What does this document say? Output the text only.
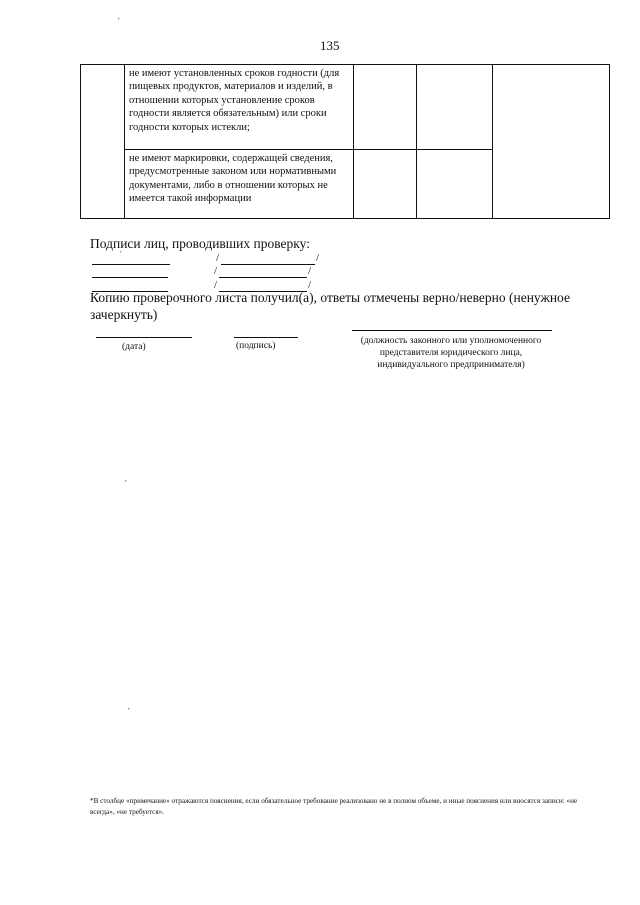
ˈ
ˈ
ˈ
135
	не имеют установленных сроков годности (для пищевых продуктов, материалов и изделий, в отношении которых установление сроков годности является обязательным) или сроки годности которых истекли;			
	не имеют маркировки, содержащей сведения, предусмотренные законом или нормативными документами, либо в отношении которых не имеется такой информации			
Подписи лиц, проводивших проверку:
ˈ	/	/
/	/
/	/
Копию проверочного листа получил(а), ответы отмечены верно/неверно (ненужное зачеркнуть)
(дата)	(подпись)	(должность законного или уполномоченного представителя юридического лица, индивидуального предпринимателя)
*В столбце «примечание» отражаются пояснения, если обязательное требование реализовано не в полном объеме, и иные пояснения или вносятся записи: «не всегда», «не требуется».
